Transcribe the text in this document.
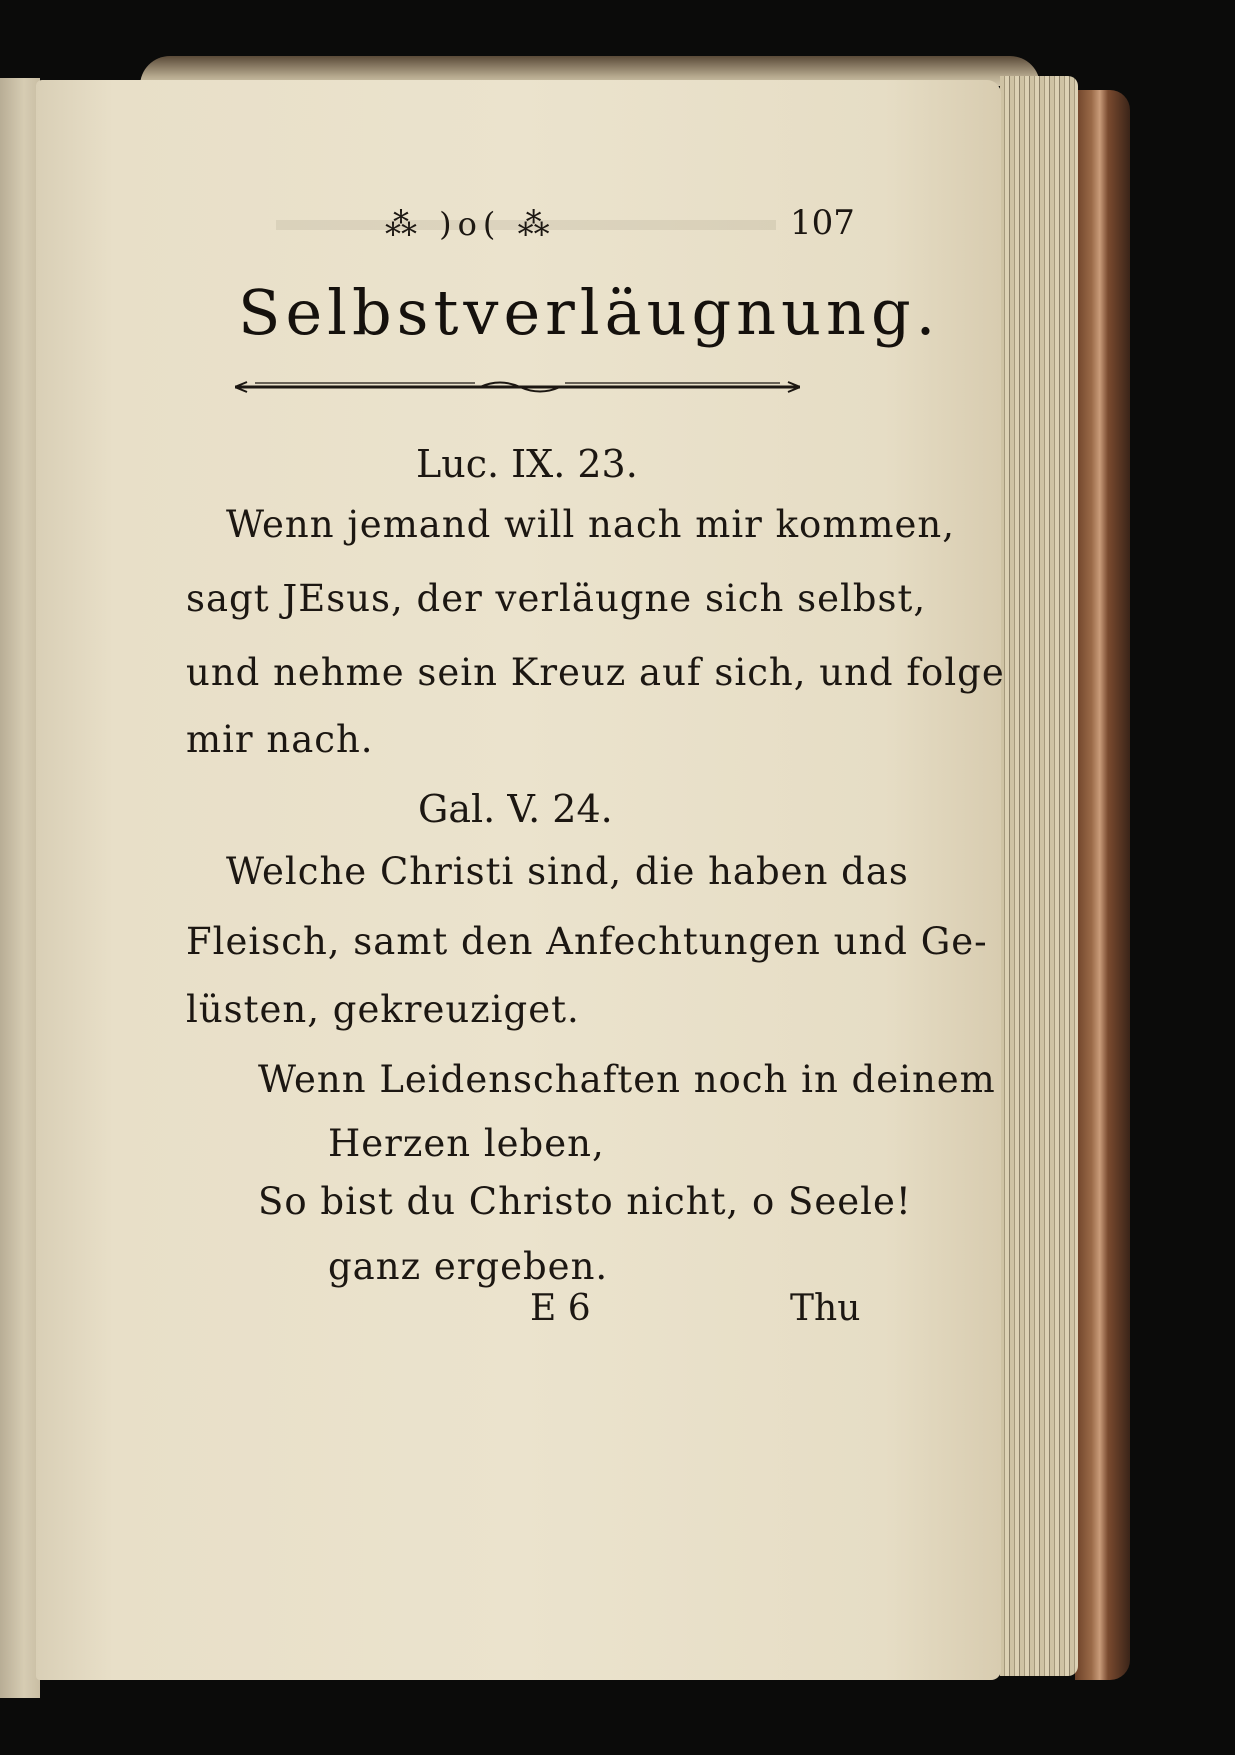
⁂ )o( ⁂	107
Selbstverläugnung.
Luc. IX. 23.
Wenn jemand will nach mir kommen,
sagt JEsus, der verläugne sich selbst,
und nehme sein Kreuz auf sich, und folge
mir nach.
Gal. V. 24.
Welche Christi sind, die haben das
Fleisch, samt den Anfechtungen und Ge-
lüsten, gekreuziget.
Wenn Leidenschaften noch in deinem
Herzen leben,
So bist du Christo nicht, o Seele!
ganz ergeben.
E 6	Thu
